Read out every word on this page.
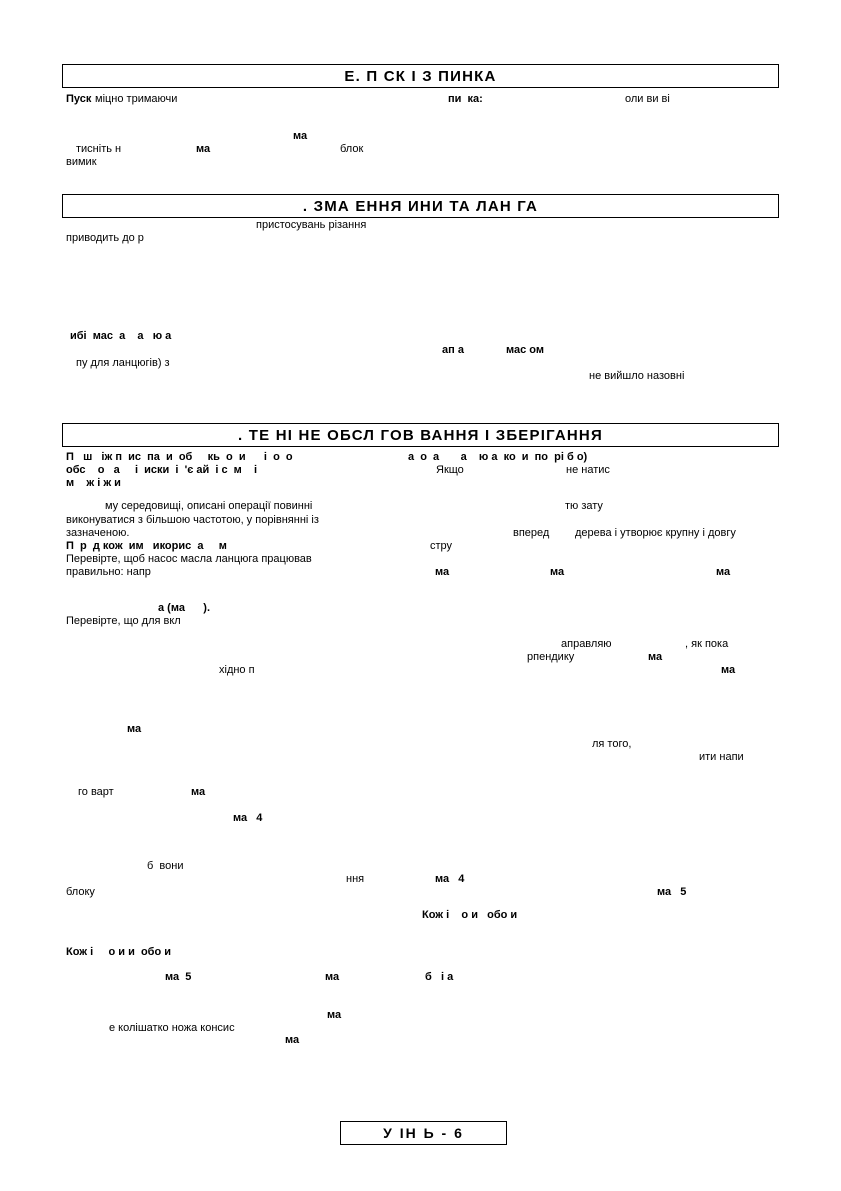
Е. П СК І З ПИНКА
Пуск міцно тримаючи	пи  ка:	оли ви ві
ма
тисніть н	ма	блок
вимик
. ЗМА ЕННЯ ИНИ ТА ЛАН ГА
пристосувань різання
приводить до р
ибі  мас  а    а   ю а
ап а	мас ом
пу для ланцюгів) з
не вийшло назовні
. ТЕ НІ НЕ ОБСЛ ГОВ ВАННЯ І ЗБЕРІГАННЯ
П   ш   іж п  ис  па  и  об     кь  о  и      і  о  о	а  о  а       а    ю а  ко  и  по  рі б о)
обс    о   а     і  иски  і  'є ай  і с  м    і	Якщо	не натис
м    ж і ж и
му середовищі, описані операції повинні	тю зату
виконуватися з більшою частотою, у порівнянні із
зазначеною.	вперед дерева і утворює крупну і довгу
П  р  д кож  им   икорис  а     м	стру
Перевірте, щоб насос масла ланцюга працював
правильно: напр	ма	ма	ма
а (ма      ).
Перевірте, що для вкл
аправляю	, як пока
рпендику	ма
хідно п	ма
ма
ля того,
ити напи
го варт	ма
ма   4
б  вони
ння	ма   4
блоку	ма   5
Кож і    о и   обо и
Кож і     о и и  обо и
ма  5	ма	б   і а
ма
е колішатко ножа консис
ма
У ІН Ь - 6
